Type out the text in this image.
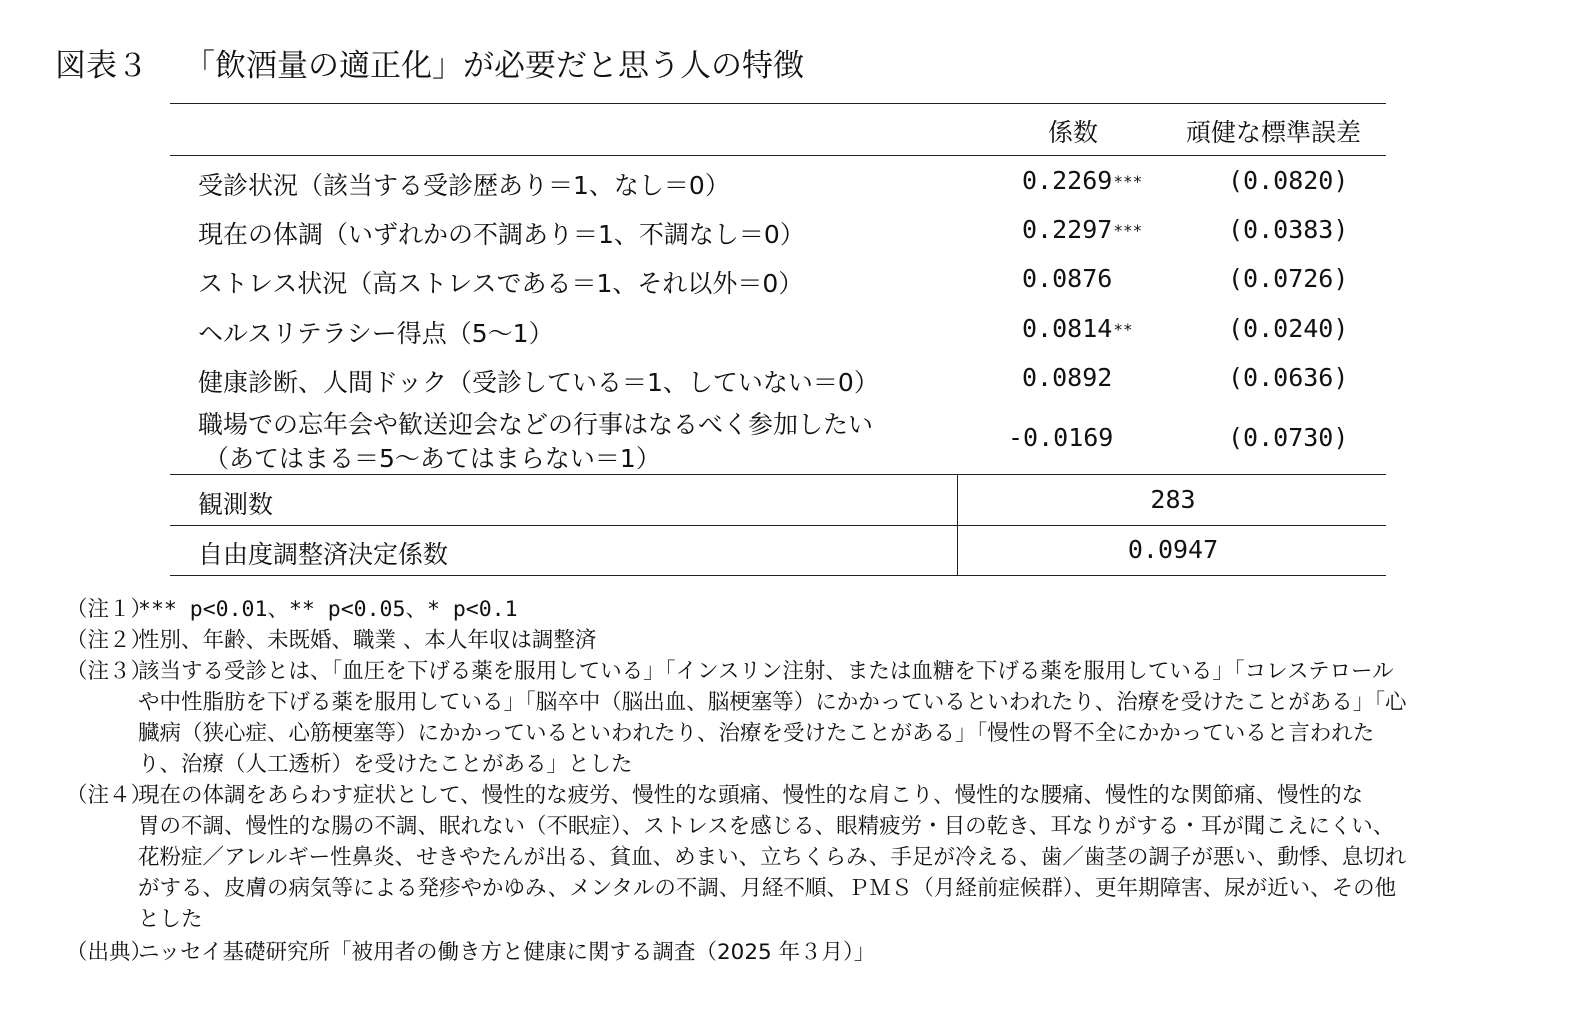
図表３ 「飲酒量の適正化」が必要だと思う人の特徴
係数	頑健な標準誤差
受診状況（該当する受診歴あり＝1、なし＝0）	0.2269***	(0.0820)
現在の体調（いずれかの不調あり＝1、不調なし＝0）	0.2297***	(0.0383)
ストレス状況（高ストレスである＝1、それ以外＝0）	0.0876	(0.0726)
ヘルスリテラシー得点（5～1）	0.0814**	(0.0240)
健康診断、人間ドック（受診している＝1、していない＝0）	0.0892	(0.0636)
職場での忘年会や歓送迎会などの行事はなるべく参加したい
（あてはまる＝5～あてはまらない＝1）
-0.0169	(0.0730)
観測数	283
自由度調整済決定係数	0.0947
（注１）
*** p<0.01、** p<0.05、* p<0.1
（注２）
性別、年齢、未既婚、職業 、本人年収は調整済
（注３）
該当する受診とは、「血圧を下げる薬を服用している」「インスリン注射、または血糖を下げる薬を服用している」「コレステロール
や中性脂肪を下げる薬を服用している」「脳卒中（脳出血、脳梗塞等）にかかっているといわれたり、治療を受けたことがある」「心
臓病（狭心症、心筋梗塞等）にかかっているといわれたり、治療を受けたことがある」「慢性の腎不全にかかっていると言われた
り、治療（人工透析）を受けたことがある」とした
（注４）
現在の体調をあらわす症状として、慢性的な疲労、慢性的な頭痛、慢性的な肩こり、慢性的な腰痛、慢性的な関節痛、慢性的な
胃の不調、慢性的な腸の不調、眠れない（不眠症）、ストレスを感じる、眼精疲労・目の乾き、耳なりがする・耳が聞こえにくい、
花粉症／アレルギー性鼻炎、せきやたんが出る、貧血、めまい、立ちくらみ、手足が冷える、歯／歯茎の調子が悪い、動悸、息切れ
がする、皮膚の病気等による発疹やかゆみ、メンタルの不調、月経不順、ＰＭＳ（月経前症候群）、更年期障害、尿が近い、その他
とした
（出典）
ニッセイ基礎研究所「被用者の働き方と健康に関する調査（2025 年３月）」
